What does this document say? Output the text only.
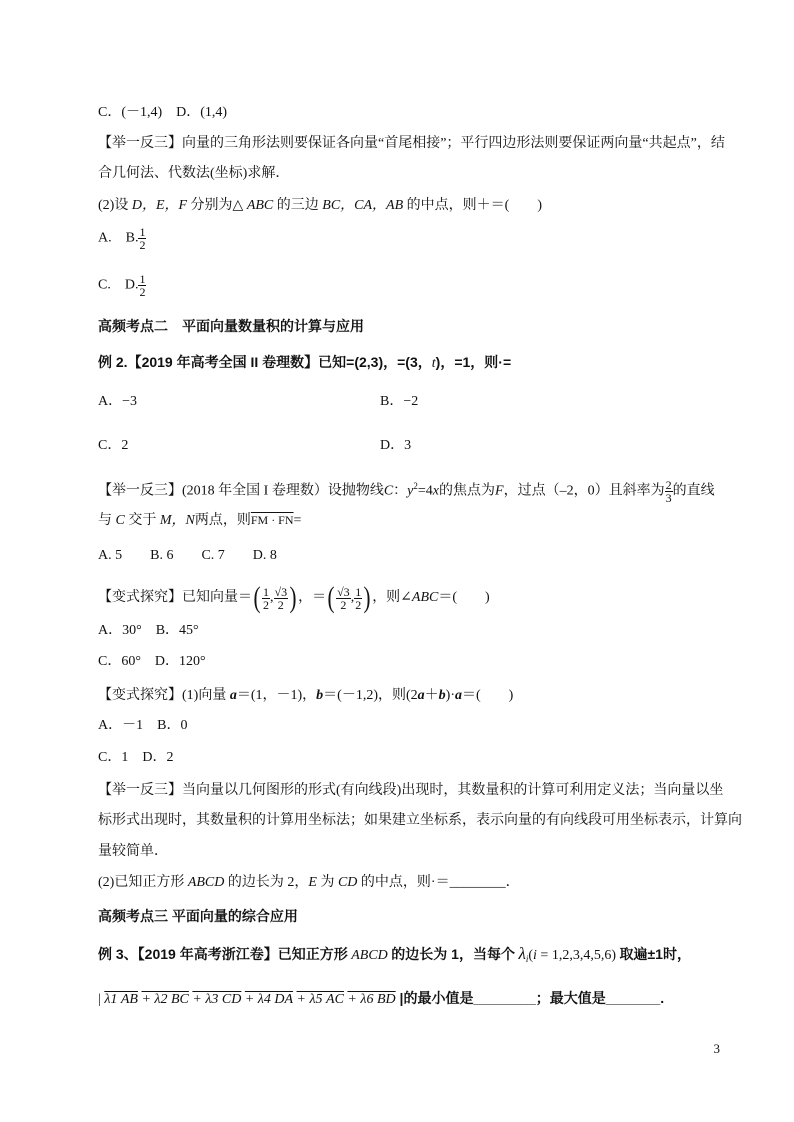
C．(－1,4)　D．(1,4)
【举一反三】向量的三角形法则要保证各向量“首尾相接”；平行四边形法则要保证两向量“共起点”，结
合几何法、代数法(坐标)求解．
(2)设 D，E，F 分别为△ ABC 的三边 BC，CA，AB 的中点，则＋＝(　　)
A.　B. $\frac{1}{2}$
C.　D. $\frac{1}{2}$
高频考点二　平面向量数量积的计算与应用
例 2.【2019 年高考全国 II 卷理数】已知=(2,3)，=(3，t)，=1，则·=
A．−3	B．−2
C．2	D．3
【举一反三】(2018 年全国 I 卷理数）设抛物线C：$y^2=4x$的焦点为F，过点（–2，0）且斜率为 $\frac{2}{3}$ 的直线
与 C 交于 M，N两点，则FM · FN=
A. 5　　B. 6　　C. 7　　D. 8
【变式探究】已知向量＝( $\frac{1}{2}$ , $\frac{√3}{2}$ ) ，＝( $\frac{√3}{2}$ , $\frac{1}{2}$ ) ，则∠ABC＝(　　)
A．30°　B．45°
C．60°　D．120°
【变式探究】(1)向量 a＝(1，－1)，b＝(－1,2)，则(2a＋b)·a＝(　　)
A．－1　B．0
C．1　D．2
【举一反三】当向量以几何图形的形式(有向线段)出现时，其数量积的计算可利用定义法；当向量以坐
标形式出现时，其数量积的计算用坐标法；如果建立坐标系，表示向量的有向线段可用坐标表示，计算向
量较简单．
(2)已知正方形 ABCD 的边长为 2，E 为 CD 的中点，则·＝________．
高频考点三 平面向量的综合应用
例 3、【2019 年高考浙江卷】已知正方形 ABCD 的边长为 1，当每个 $\lambda_i(i = 1,2,3,4,5,6)$ 取遍±1时，
| λ1 AB + λ2 BC + λ3 CD + λ4 DA + λ5 AC + λ6 BD |的最小值是________；最大值是_______.
3
